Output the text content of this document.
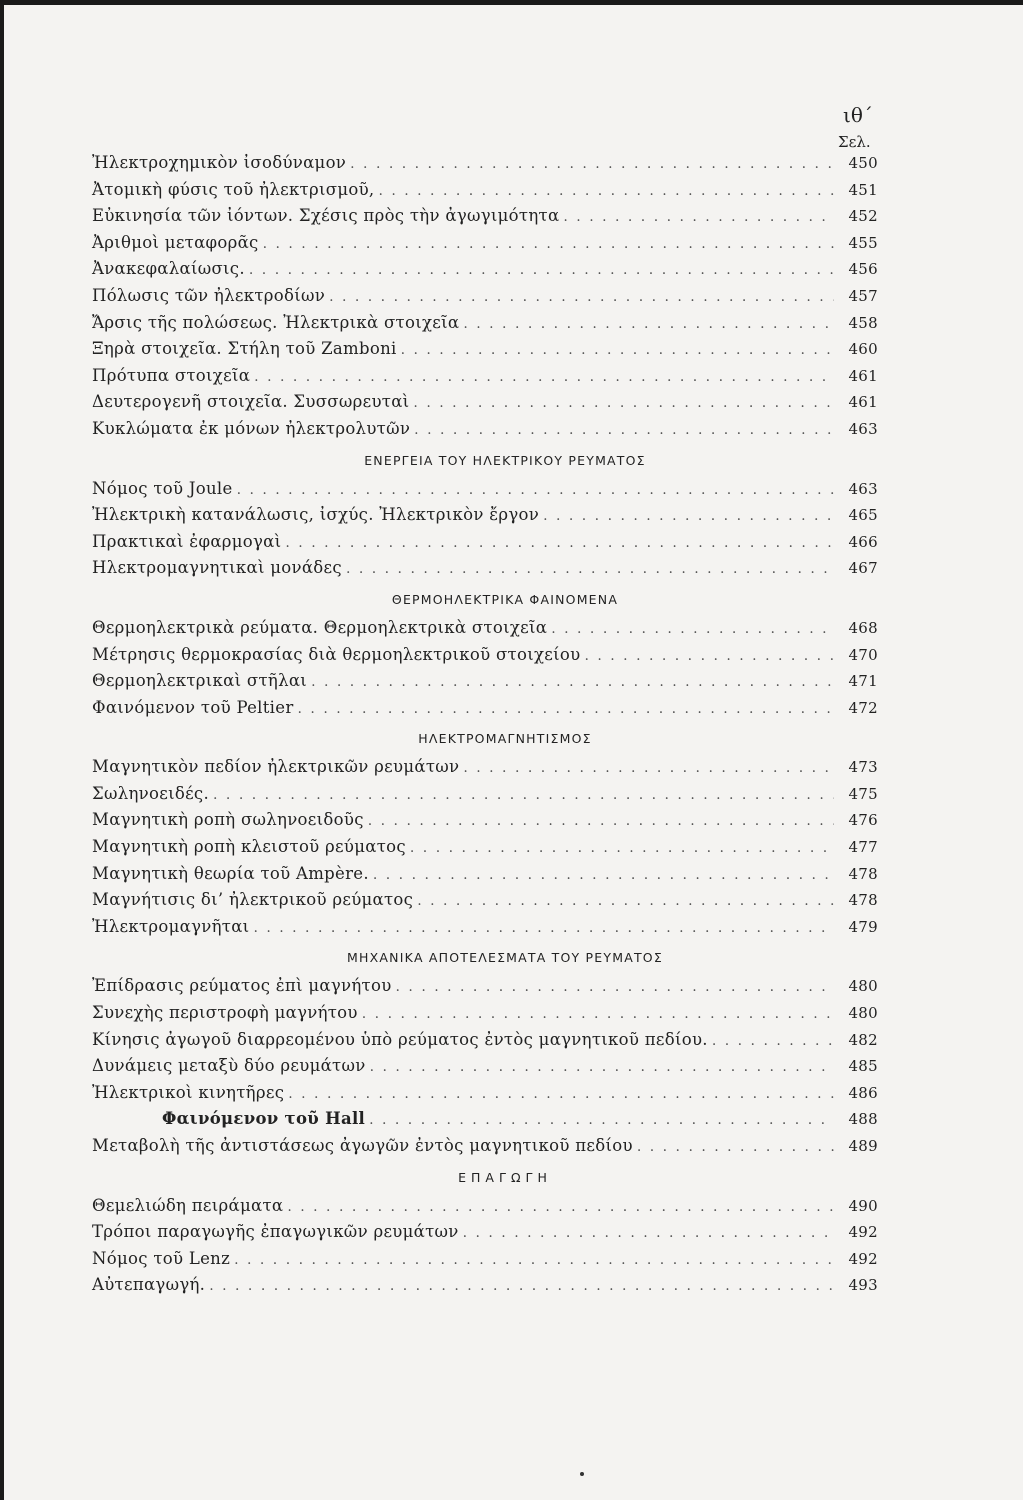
ιθ΄
Σελ.
Ἠλεκτροχημικὸν ἰσοδύναμον . . .	450
Ἀτομικὴ φύσις τοῦ ἠλεκτρισμοῦ, . . .	451
Εὐκινησία τῶν ἰόντων. Σχέσις πρὸς τὴν ἀγωγιμότητα . . .	452
Ἀριθμοὶ μεταφορᾶς . . .	455
Ἀνακεφαλαίωσις. . . .	456
Πόλωσις τῶν ἠλεκτροδίων . . .	457
Ἄρσις τῆς πολώσεως. Ἠλεκτρικὰ στοιχεῖα . . .	458
Ξηρὰ στοιχεῖα. Στήλη τοῦ Zamboni . . .	460
Πρότυπα στοιχεῖα . . .	461
Δευτερογενῆ στοιχεῖα. Συσσωρευταὶ . . .	461
Κυκλώματα ἐκ μόνων ἠλεκτρολυτῶν . . .	463
ΕΝΕΡΓΕΙΑ ΤΟΥ ΗΛΕΚΤΡΙΚΟΥ ΡΕΥΜΑΤΟΣ
Νόμος τοῦ Joule . . .	463
Ἠλεκτρικὴ κατανάλωσις, ἰσχύς. Ἠλεκτρικὸν ἔργον . . .	465
Πρακτικαὶ ἐφαρμογαὶ . . .	466
Ηλεκτρομαγνητικαὶ μονάδες . . .	467
ΘΕΡΜΟΗΛΕΚΤΡΙΚΑ ΦΑΙΝΟΜΕΝΑ
Θερμοηλεκτρικὰ ρεύματα. Θερμοηλεκτρικὰ στοιχεῖα . . .	468
Μέτρησις θερμοκρασίας διὰ θερμοηλεκτρικοῦ στοιχείου . . .	470
Θερμοηλεκτρικαὶ στῆλαι . . .	471
Φαινόμενον τοῦ Peltier . . .	472
ΗΛΕΚΤΡΟΜΑΓΝΗΤΙΣΜΟΣ
Μαγνητικὸν πεδίον ἠλεκτρικῶν ρευμάτων . . .	473
Σωληνοειδές. . . .	475
Μαγνητικὴ ροπὴ σωληνοειδοῦς . . .	476
Μαγνητικὴ ροπὴ κλειστοῦ ρεύματος . . .	477
Μαγνητικὴ θεωρία τοῦ Ampère. . . .	478
Μαγνήτισις δι’ ἠλεκτρικοῦ ρεύματος . . .	478
Ἠλεκτρομαγνῆται . . .	479
ΜΗΧΑΝΙΚΑ ΑΠΟΤΕΛΕΣΜΑΤΑ ΤΟΥ ΡΕΥΜΑΤΟΣ
Ἐπίδρασις ρεύματος ἐπὶ μαγνήτου . . .	480
Συνεχὴς περιστροφὴ μαγνήτου . . .	480
Κίνησις ἀγωγοῦ διαρρεομένου ὑπὸ ρεύματος ἐντὸς μαγνητικοῦ πεδίου. . . .	482
Δυνάμεις μεταξὺ δύο ρευμάτων . . .	485
Ἠλεκτρικοὶ κινητῆρες . . .	486
Φαινόμενον τοῦ Hall . . .	488
Μεταβολὴ τῆς ἀντιστάσεως ἀγωγῶν ἐντὸς μαγνητικοῦ πεδίου . . .	489
ΕΠΑΓΩΓΗ
Θεμελιώδη πειράματα . . .	490
Τρόποι παραγωγῆς ἐπαγωγικῶν ρευμάτων . . .	492
Νόμος τοῦ Lenz . . .	492
Αὐτεπαγωγή. . . .	493
